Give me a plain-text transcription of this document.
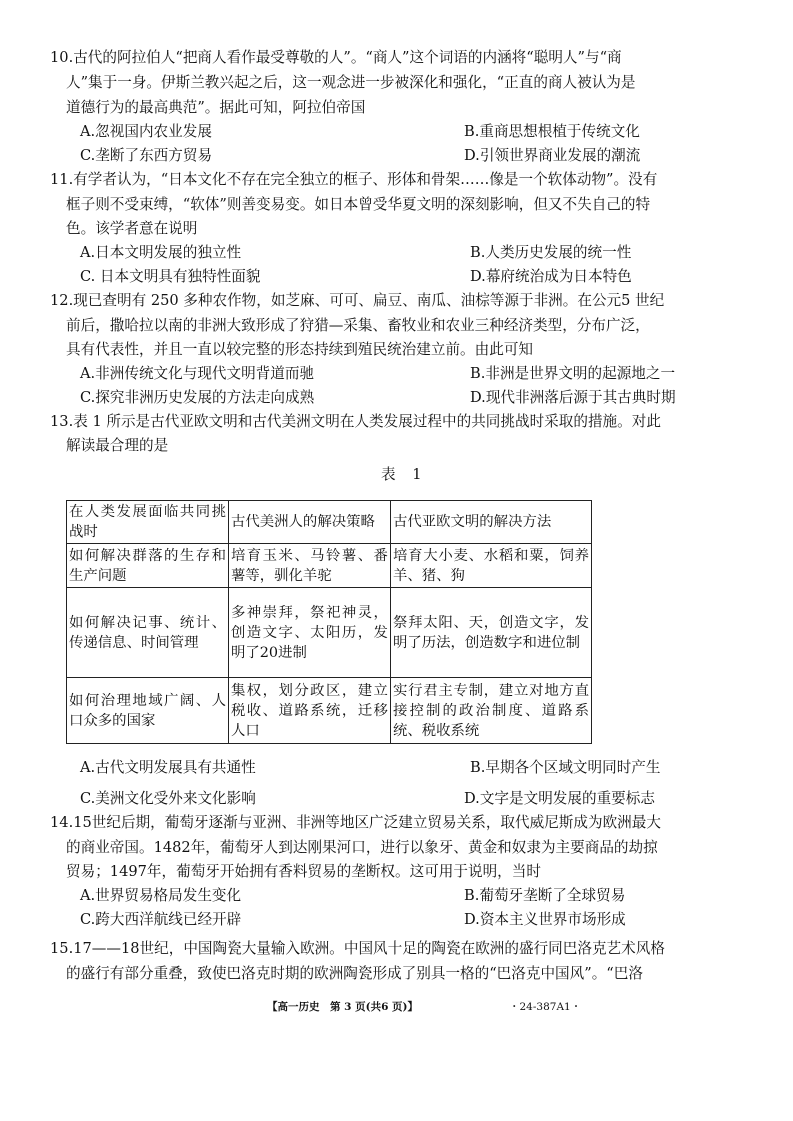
10.古代的阿拉伯人“把商人看作最受尊敬的人”。“商人”这个词语的内涵将“聪明人”与“商
人”集于一身。伊斯兰教兴起之后，这一观念进一步被深化和强化，“正直的商人被认为是
道德行为的最高典范”。据此可知，阿拉伯帝国
A.忽视国内农业发展	B.重商思想根植于传统文化
C.垄断了东西方贸易	D.引领世界商业发展的潮流
11.有学者认为，“日本文化不存在完全独立的框子、形体和骨架……像是一个软体动物”。没有
框子则不受束缚，“软体”则善变易变。如日本曾受华夏文明的深刻影响，但又不失自己的特
色。该学者意在说明
A.日本文明发展的独立性	B.人类历史发展的统一性
C. 日本文明具有独特性面貌	D.幕府统治成为日本特色
12.现已查明有 250 多种农作物，如芝麻、可可、扁豆、南瓜、油棕等源于非洲。在公元5 世纪
前后，撒哈拉以南的非洲大致形成了狩猎—采集、畜牧业和农业三种经济类型，分布广泛，
具有代表性，并且一直以较完整的形态持续到殖民统治建立前。由此可知
A.非洲传统文化与现代文明背道而驰	B.非洲是世界文明的起源地之一
C.探究非洲历史发展的方法走向成熟	D.现代非洲落后源于其古典时期
13.表 1 所示是古代亚欧文明和古代美洲文明在人类发展过程中的共同挑战时采取的措施。对此
解读最合理的是
表 1
在人类发展面临共同挑战时	古代美洲人的解决策略	古代亚欧文明的解决方法
如何解决群落的生存和生产问题	培育玉米、马铃薯、番薯等，驯化羊驼	培育大小麦、水稻和粟，饲养羊、猪、狗
如何解决记事、统计、传递信息、时间管理	多神崇拜，祭祀神灵，创造文字、太阳历，发明了20进制	祭拜太阳、天，创造文字，发明了历法，创造数字和进位制
如何治理地域广阔、人口众多的国家	集权，划分政区，建立税收、道路系统，迁移人口	实行君主专制，建立对地方直接控制的政治制度、道路系统、税收系统
A.古代文明发展具有共通性	B.早期各个区域文明同时产生
C.美洲文化受外来文化影响	D.文字是文明发展的重要标志
14.15世纪后期，葡萄牙逐渐与亚洲、非洲等地区广泛建立贸易关系，取代威尼斯成为欧洲最大
的商业帝国。1482年，葡萄牙人到达刚果河口，进行以象牙、黄金和奴隶为主要商品的劫掠
贸易；1497年，葡萄牙开始拥有香料贸易的垄断权。这可用于说明，当时
A.世界贸易格局发生变化	B.葡萄牙垄断了全球贸易
C.跨大西洋航线已经开辟	D.资本主义世界市场形成
15.17——18世纪，中国陶瓷大量输入欧洲。中国风十足的陶瓷在欧洲的盛行同巴洛克艺术风格
的盛行有部分重叠，致使巴洛克时期的欧洲陶瓷形成了别具一格的“巴洛克中国风”。“巴洛
【高一历史　第 3 页(共6 页)】	・24-387A1・
